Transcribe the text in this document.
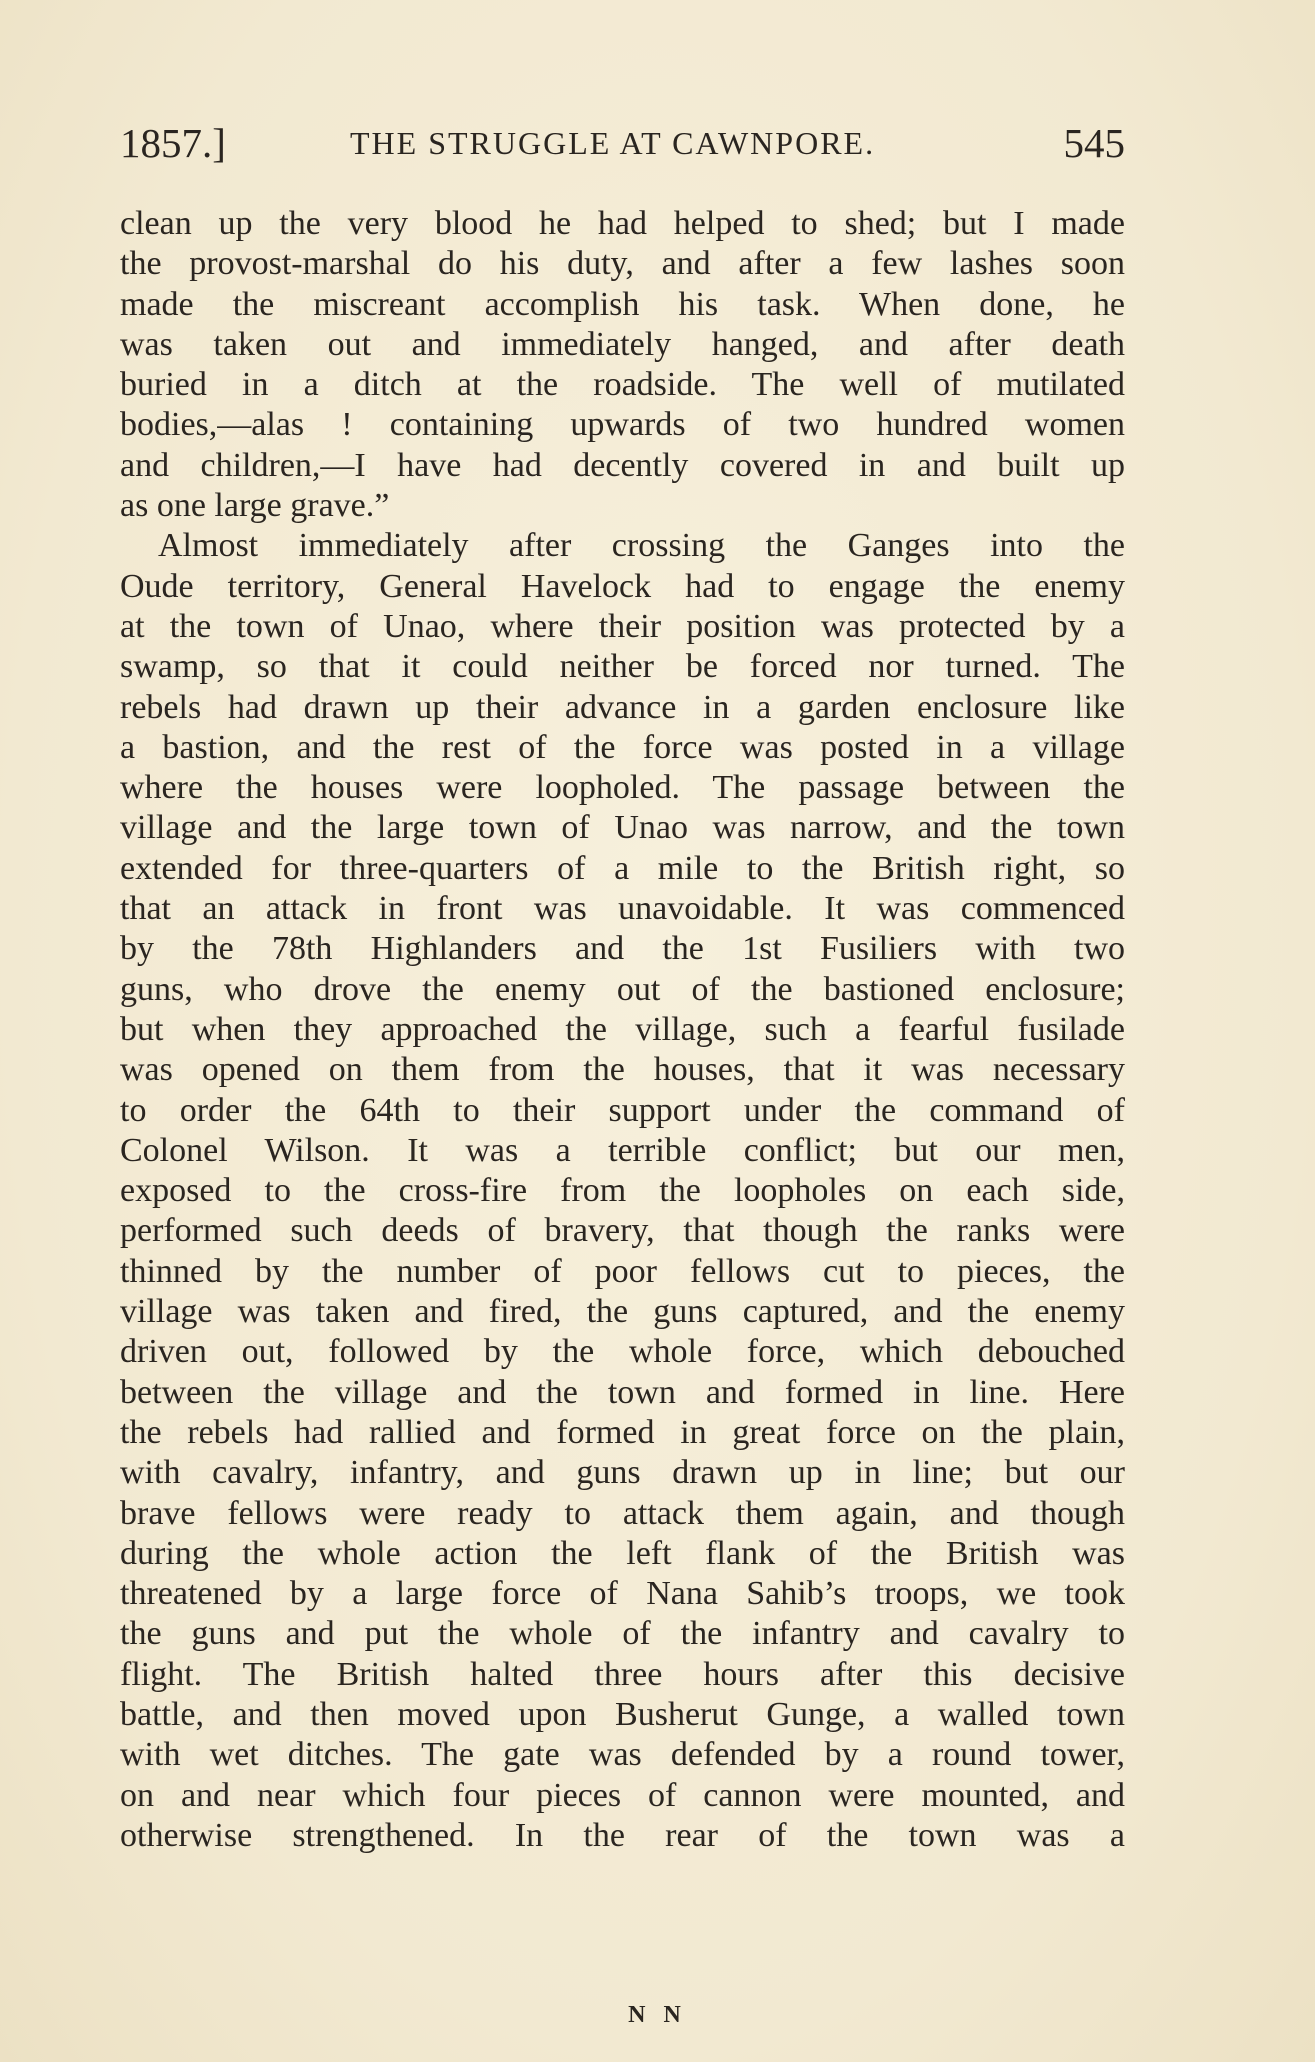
1857.]	THE STRUGGLE AT CAWNPORE.	545
clean up the very blood he had helped to shed; but I made
the provost-marshal do his duty, and after a few lashes soon
made the miscreant accomplish his task. When done, he
was taken out and immediately hanged, and after death
buried in a ditch at the roadside. The well of mutilated
bodies,—alas ! containing upwards of two hundred women
and children,—I have had decently covered in and built up
as one large grave.”
Almost immediately after crossing the Ganges into the
Oude territory, General Havelock had to engage the enemy
at the town of Unao, where their position was protected by a
swamp, so that it could neither be forced nor turned. The
rebels had drawn up their advance in a garden enclosure like
a bastion, and the rest of the force was posted in a village
where the houses were loopholed. The passage between the
village and the large town of Unao was narrow, and the town
extended for three-quarters of a mile to the British right, so
that an attack in front was unavoidable. It was commenced
by the 78th Highlanders and the 1st Fusiliers with two
guns, who drove the enemy out of the bastioned enclosure;
but when they approached the village, such a fearful fusilade
was opened on them from the houses, that it was necessary
to order the 64th to their support under the command of
Colonel Wilson. It was a terrible conflict; but our men,
exposed to the cross-fire from the loopholes on each side,
performed such deeds of bravery, that though the ranks were
thinned by the number of poor fellows cut to pieces, the
village was taken and fired, the guns captured, and the enemy
driven out, followed by the whole force, which debouched
between the village and the town and formed in line. Here
the rebels had rallied and formed in great force on the plain,
with cavalry, infantry, and guns drawn up in line; but our
brave fellows were ready to attack them again, and though
during the whole action the left flank of the British was
threatened by a large force of Nana Sahib’s troops, we took
the guns and put the whole of the infantry and cavalry to
flight. The British halted three hours after this decisive
battle, and then moved upon Busherut Gunge, a walled town
with wet ditches. The gate was defended by a round tower,
on and near which four pieces of cannon were mounted, and
otherwise strengthened. In the rear of the town was a
N N
